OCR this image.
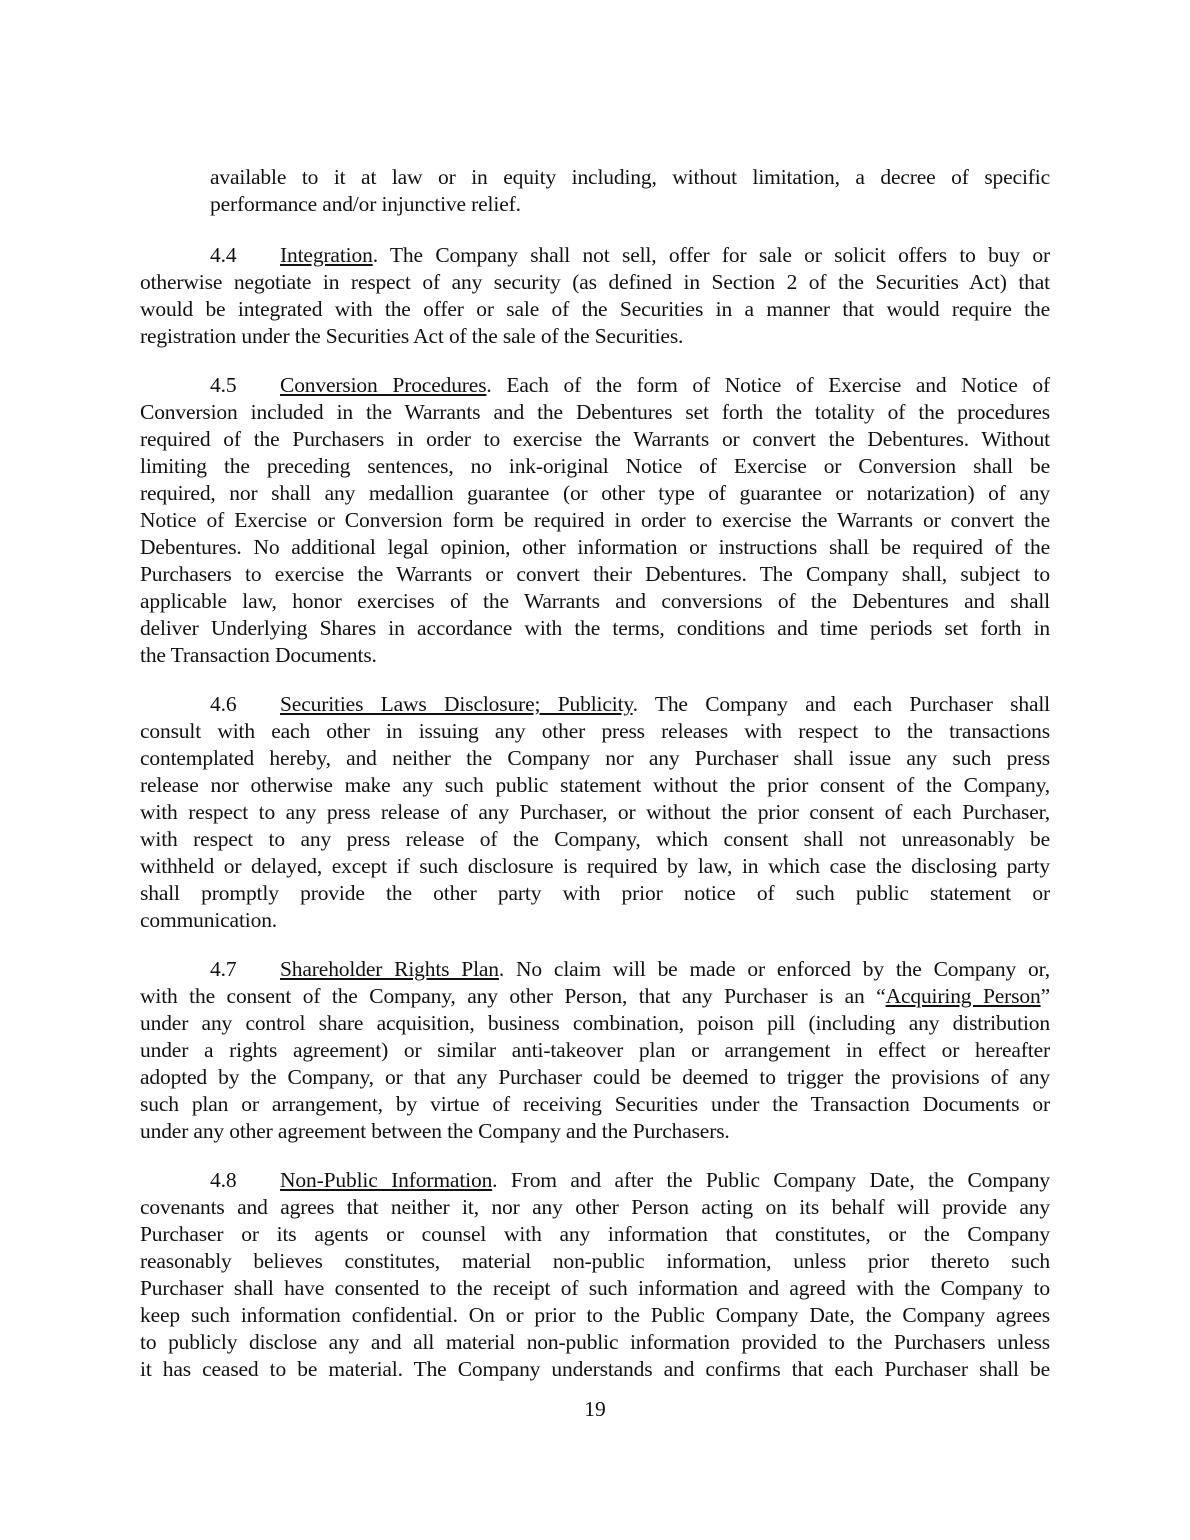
available to it at law or in equity including, without limitation, a decree of specific
performance and/or injunctive relief.
4.4 Integration. The Company shall not sell, offer for sale or solicit offers to buy or
otherwise negotiate in respect of any security (as defined in Section 2 of the Securities Act) that
would be integrated with the offer or sale of the Securities in a manner that would require the
registration under the Securities Act of the sale of the Securities.
4.5 Conversion Procedures. Each of the form of Notice of Exercise and Notice of
Conversion included in the Warrants and the Debentures set forth the totality of the procedures
required of the Purchasers in order to exercise the Warrants or convert the Debentures. Without
limiting the preceding sentences, no ink-original Notice of Exercise or Conversion shall be
required, nor shall any medallion guarantee (or other type of guarantee or notarization) of any
Notice of Exercise or Conversion form be required in order to exercise the Warrants or convert the
Debentures. No additional legal opinion, other information or instructions shall be required of the
Purchasers to exercise the Warrants or convert their Debentures. The Company shall, subject to
applicable law, honor exercises of the Warrants and conversions of the Debentures and shall
deliver Underlying Shares in accordance with the terms, conditions and time periods set forth in
the Transaction Documents.
4.6 Securities Laws Disclosure; Publicity. The Company and each Purchaser shall
consult with each other in issuing any other press releases with respect to the transactions
contemplated hereby, and neither the Company nor any Purchaser shall issue any such press
release nor otherwise make any such public statement without the prior consent of the Company,
with respect to any press release of any Purchaser, or without the prior consent of each Purchaser,
with respect to any press release of the Company, which consent shall not unreasonably be
withheld or delayed, except if such disclosure is required by law, in which case the disclosing party
shall promptly provide the other party with prior notice of such public statement or
communication.
4.7 Shareholder Rights Plan. No claim will be made or enforced by the Company or,
with the consent of the Company, any other Person, that any Purchaser is an “Acquiring Person”
under any control share acquisition, business combination, poison pill (including any distribution
under a rights agreement) or similar anti-takeover plan or arrangement in effect or hereafter
adopted by the Company, or that any Purchaser could be deemed to trigger the provisions of any
such plan or arrangement, by virtue of receiving Securities under the Transaction Documents or
under any other agreement between the Company and the Purchasers.
4.8 Non-Public Information. From and after the Public Company Date, the Company
covenants and agrees that neither it, nor any other Person acting on its behalf will provide any
Purchaser or its agents or counsel with any information that constitutes, or the Company
reasonably believes constitutes, material non-public information, unless prior thereto such
Purchaser shall have consented to the receipt of such information and agreed with the Company to
keep such information confidential. On or prior to the Public Company Date, the Company agrees
to publicly disclose any and all material non-public information provided to the Purchasers unless
it has ceased to be material. The Company understands and confirms that each Purchaser shall be
19
